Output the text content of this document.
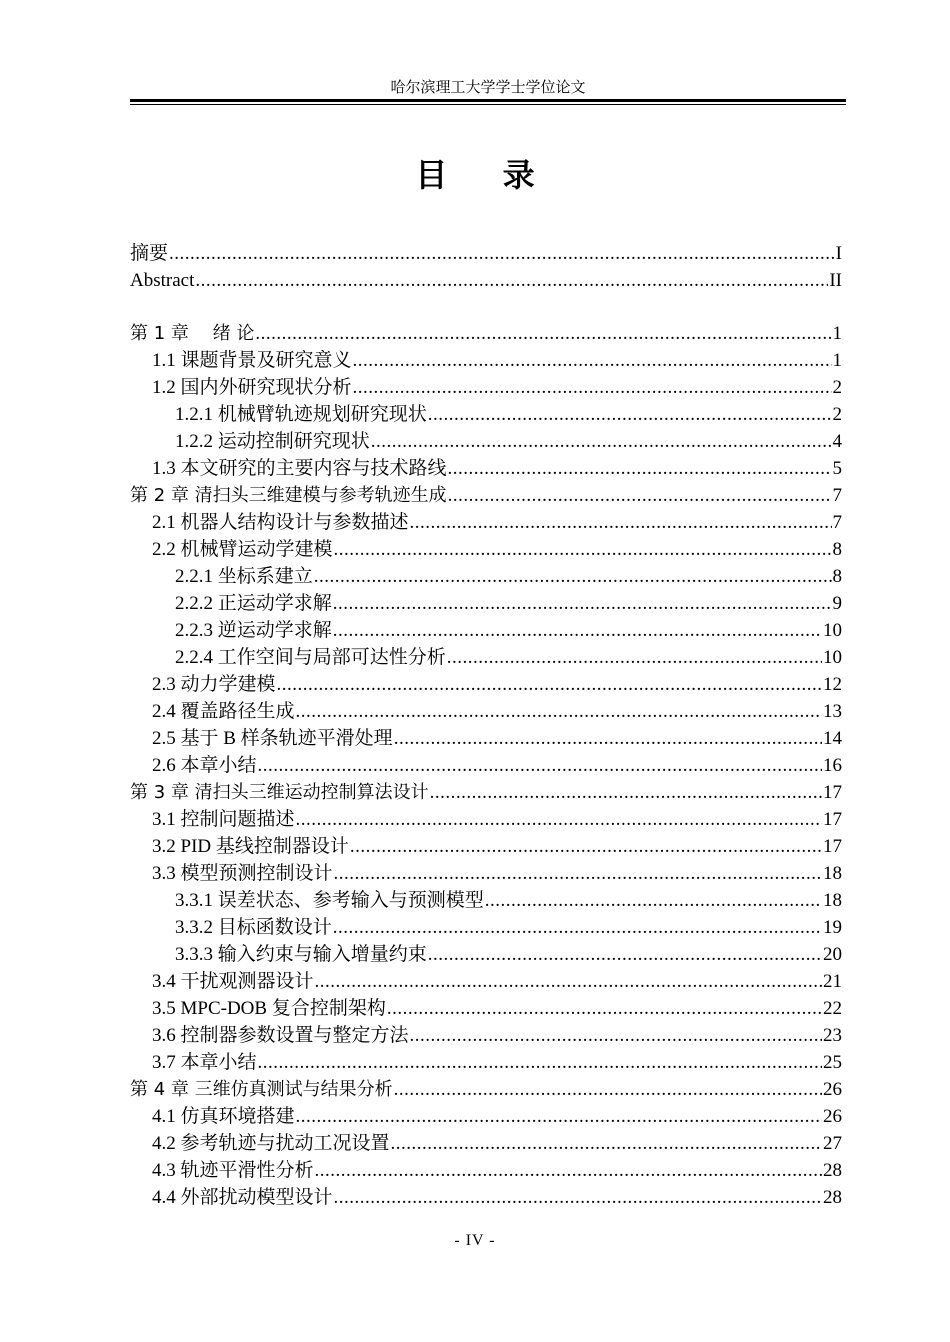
哈尔滨理工大学学士学位论文
目 录
摘要 .....	I
Abstract .....	II
第 1 章　 绪 论 .....	1
1.1 课题背景及研究意义 .....	1
1.2 国内外研究现状分析 .....	2
1.2.1 机械臂轨迹规划研究现状 .....	2
1.2.2 运动控制研究现状 .....	4
1.3 本文研究的主要内容与技术路线 .....	5
第 2 章 清扫头三维建模与参考轨迹生成 .....	7
2.1 机器人结构设计与参数描述 .....	7
2.2 机械臂运动学建模 .....	8
2.2.1 坐标系建立 .....	8
2.2.2 正运动学求解 .....	9
2.2.3 逆运动学求解 .....	10
2.2.4 工作空间与局部可达性分析 .....	10
2.3 动力学建模 .....	12
2.4 覆盖路径生成 .....	13
2.5 基于 B 样条轨迹平滑处理 .....	14
2.6 本章小结 .....	16
第 3 章 清扫头三维运动控制算法设计 .....	17
3.1 控制问题描述 .....	17
3.2 PID 基线控制器设计 .....	17
3.3 模型预测控制设计 .....	18
3.3.1 误差状态、参考输入与预测模型 .....	18
3.3.2 目标函数设计 .....	19
3.3.3 输入约束与输入增量约束 .....	20
3.4 干扰观测器设计 .....	21
3.5 MPC-DOB 复合控制架构 .....	22
3.6 控制器参数设置与整定方法 .....	23
3.7 本章小结 .....	25
第 4 章 三维仿真测试与结果分析 .....	26
4.1 仿真环境搭建 .....	26
4.2 参考轨迹与扰动工况设置 .....	27
4.3 轨迹平滑性分析 .....	28
4.4 外部扰动模型设计 .....	28
- IV -
